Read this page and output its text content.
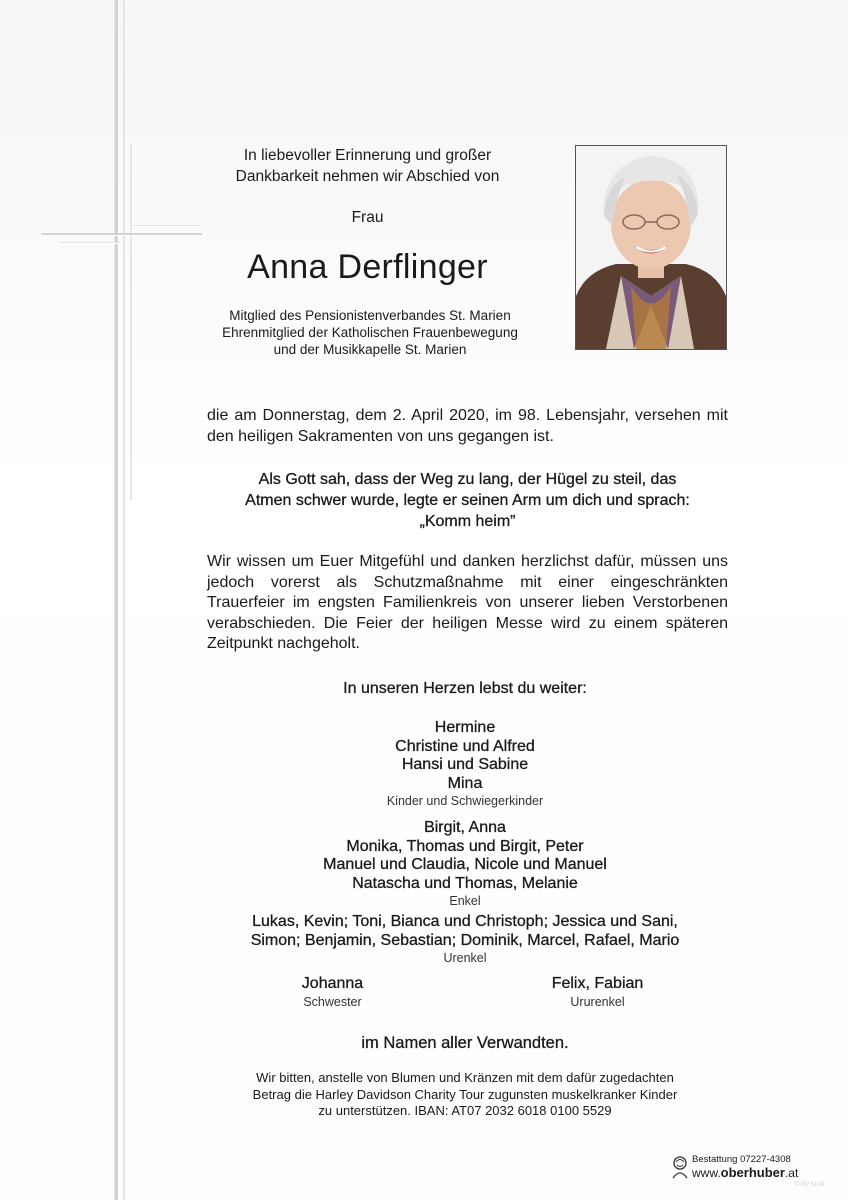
In liebevoller Erinnerung und großer
Dankbarkeit nehmen wir Abschied von
Frau
Anna Derflinger
Mitglied des Pensionistenverbandes St. Marien
Ehrenmitglied der Katholischen Frauenbewegung
und der Musikkapelle St. Marien
die am Donnerstag, dem 2. April 2020, im 98. Lebensjahr, versehen mit den heiligen Sakramenten von uns gegangen ist.
Als Gott sah, dass der Weg zu lang, der Hügel zu steil, das
Atmen schwer wurde, legte er seinen Arm um dich und sprach:
„Komm heim”
Wir wissen um Euer Mitgefühl und danken herzlichst dafür, müssen uns jedoch vorerst als Schutzmaßnahme mit einer eingeschränkten Trauerfeier im engsten Familienkreis von unserer lieben Verstorbenen verabschieden. Die Feier der heiligen Messe wird zu einem späteren Zeitpunkt nachgeholt.
In unseren Herzen lebst du weiter:
Hermine
Christine und Alfred
Hansi und Sabine
Mina
Kinder und Schwiegerkinder
Birgit, Anna
Monika, Thomas und Birgit, Peter
Manuel und Claudia, Nicole und Manuel
Natascha und Thomas, Melanie
Enkel
Lukas, Kevin; Toni, Bianca und Christoph; Jessica und Sani,
Simon; Benjamin, Sebastian; Dominik, Marcel, Rafael, Mario
Urenkel
Johanna
Schwester
Felix, Fabian
Ururenkel
im Namen aller Verwandten.
Wir bitten, anstelle von Blumen und Kränzen mit dem dafür zugedachten
Betrag die Harley Davidson Charity Tour zugunsten muskelkranker Kinder
zu unterstützen. IBAN: AT07 2032 6018 0100 5529
Bestattung 07227-4308
www.oberhuber.at
© EP 3100
